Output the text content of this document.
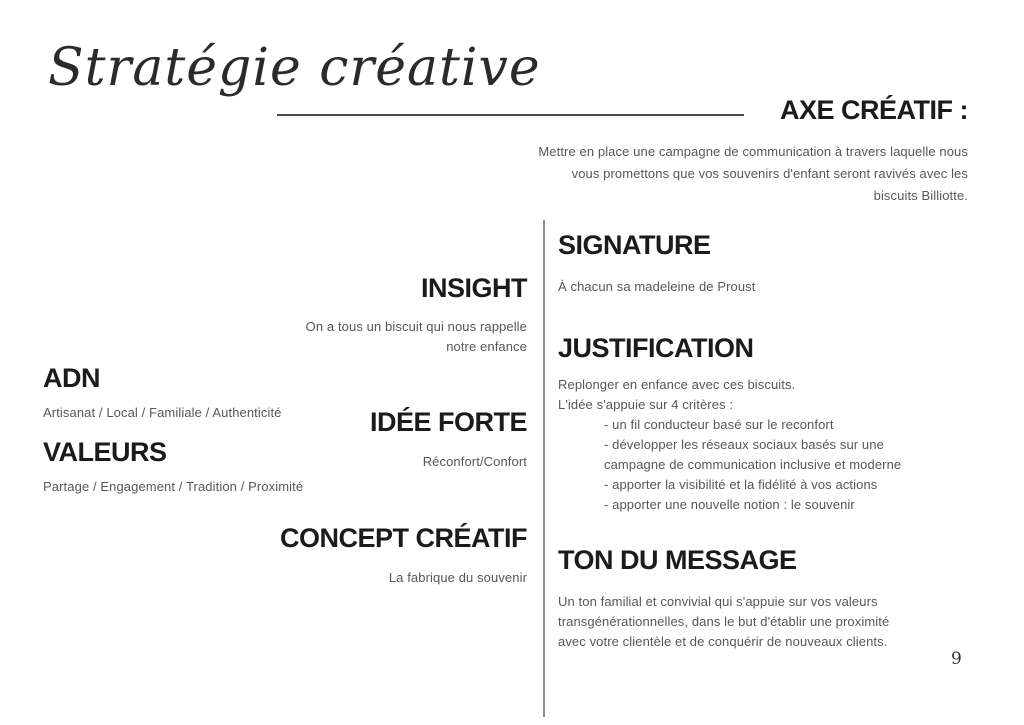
Stratégie créative
AXE CRÉATIF :

Mettre en place une campagne de communication à travers laquelle nous vous promettons que vos souvenirs d'enfant seront ravivés avec les biscuits Billiotte.

ADN

Artisanat / Local / Familiale / Authenticité

VALEURS

Partage / Engagement / Tradition / Proximité

INSIGHT

On a tous un biscuit qui nous rappelle notre enfance

IDÉE FORTE

Réconfort/Confort

CONCEPT CRÉATIF

La fabrique du souvenir

SIGNATURE

À chacun sa madeleine de Proust

JUSTIFICATION
Replonger en enfance avec ces biscuits.
L'idée s'appuie sur 4 critères :
- un fil conducteur basé sur le reconfort
- développer les réseaux sociaux basés sur une campagne de communication inclusive et moderne
- apporter la visibilité et la fidélité à vos actions
- apporter une nouvelle notion : le souvenir
TON DU MESSAGE

Un ton familial et convivial qui s'appuie sur vos valeurs transgénérationnelles, dans le but d'établir une proximité avec votre clientèle et de conquérir de nouveaux clients.

9
